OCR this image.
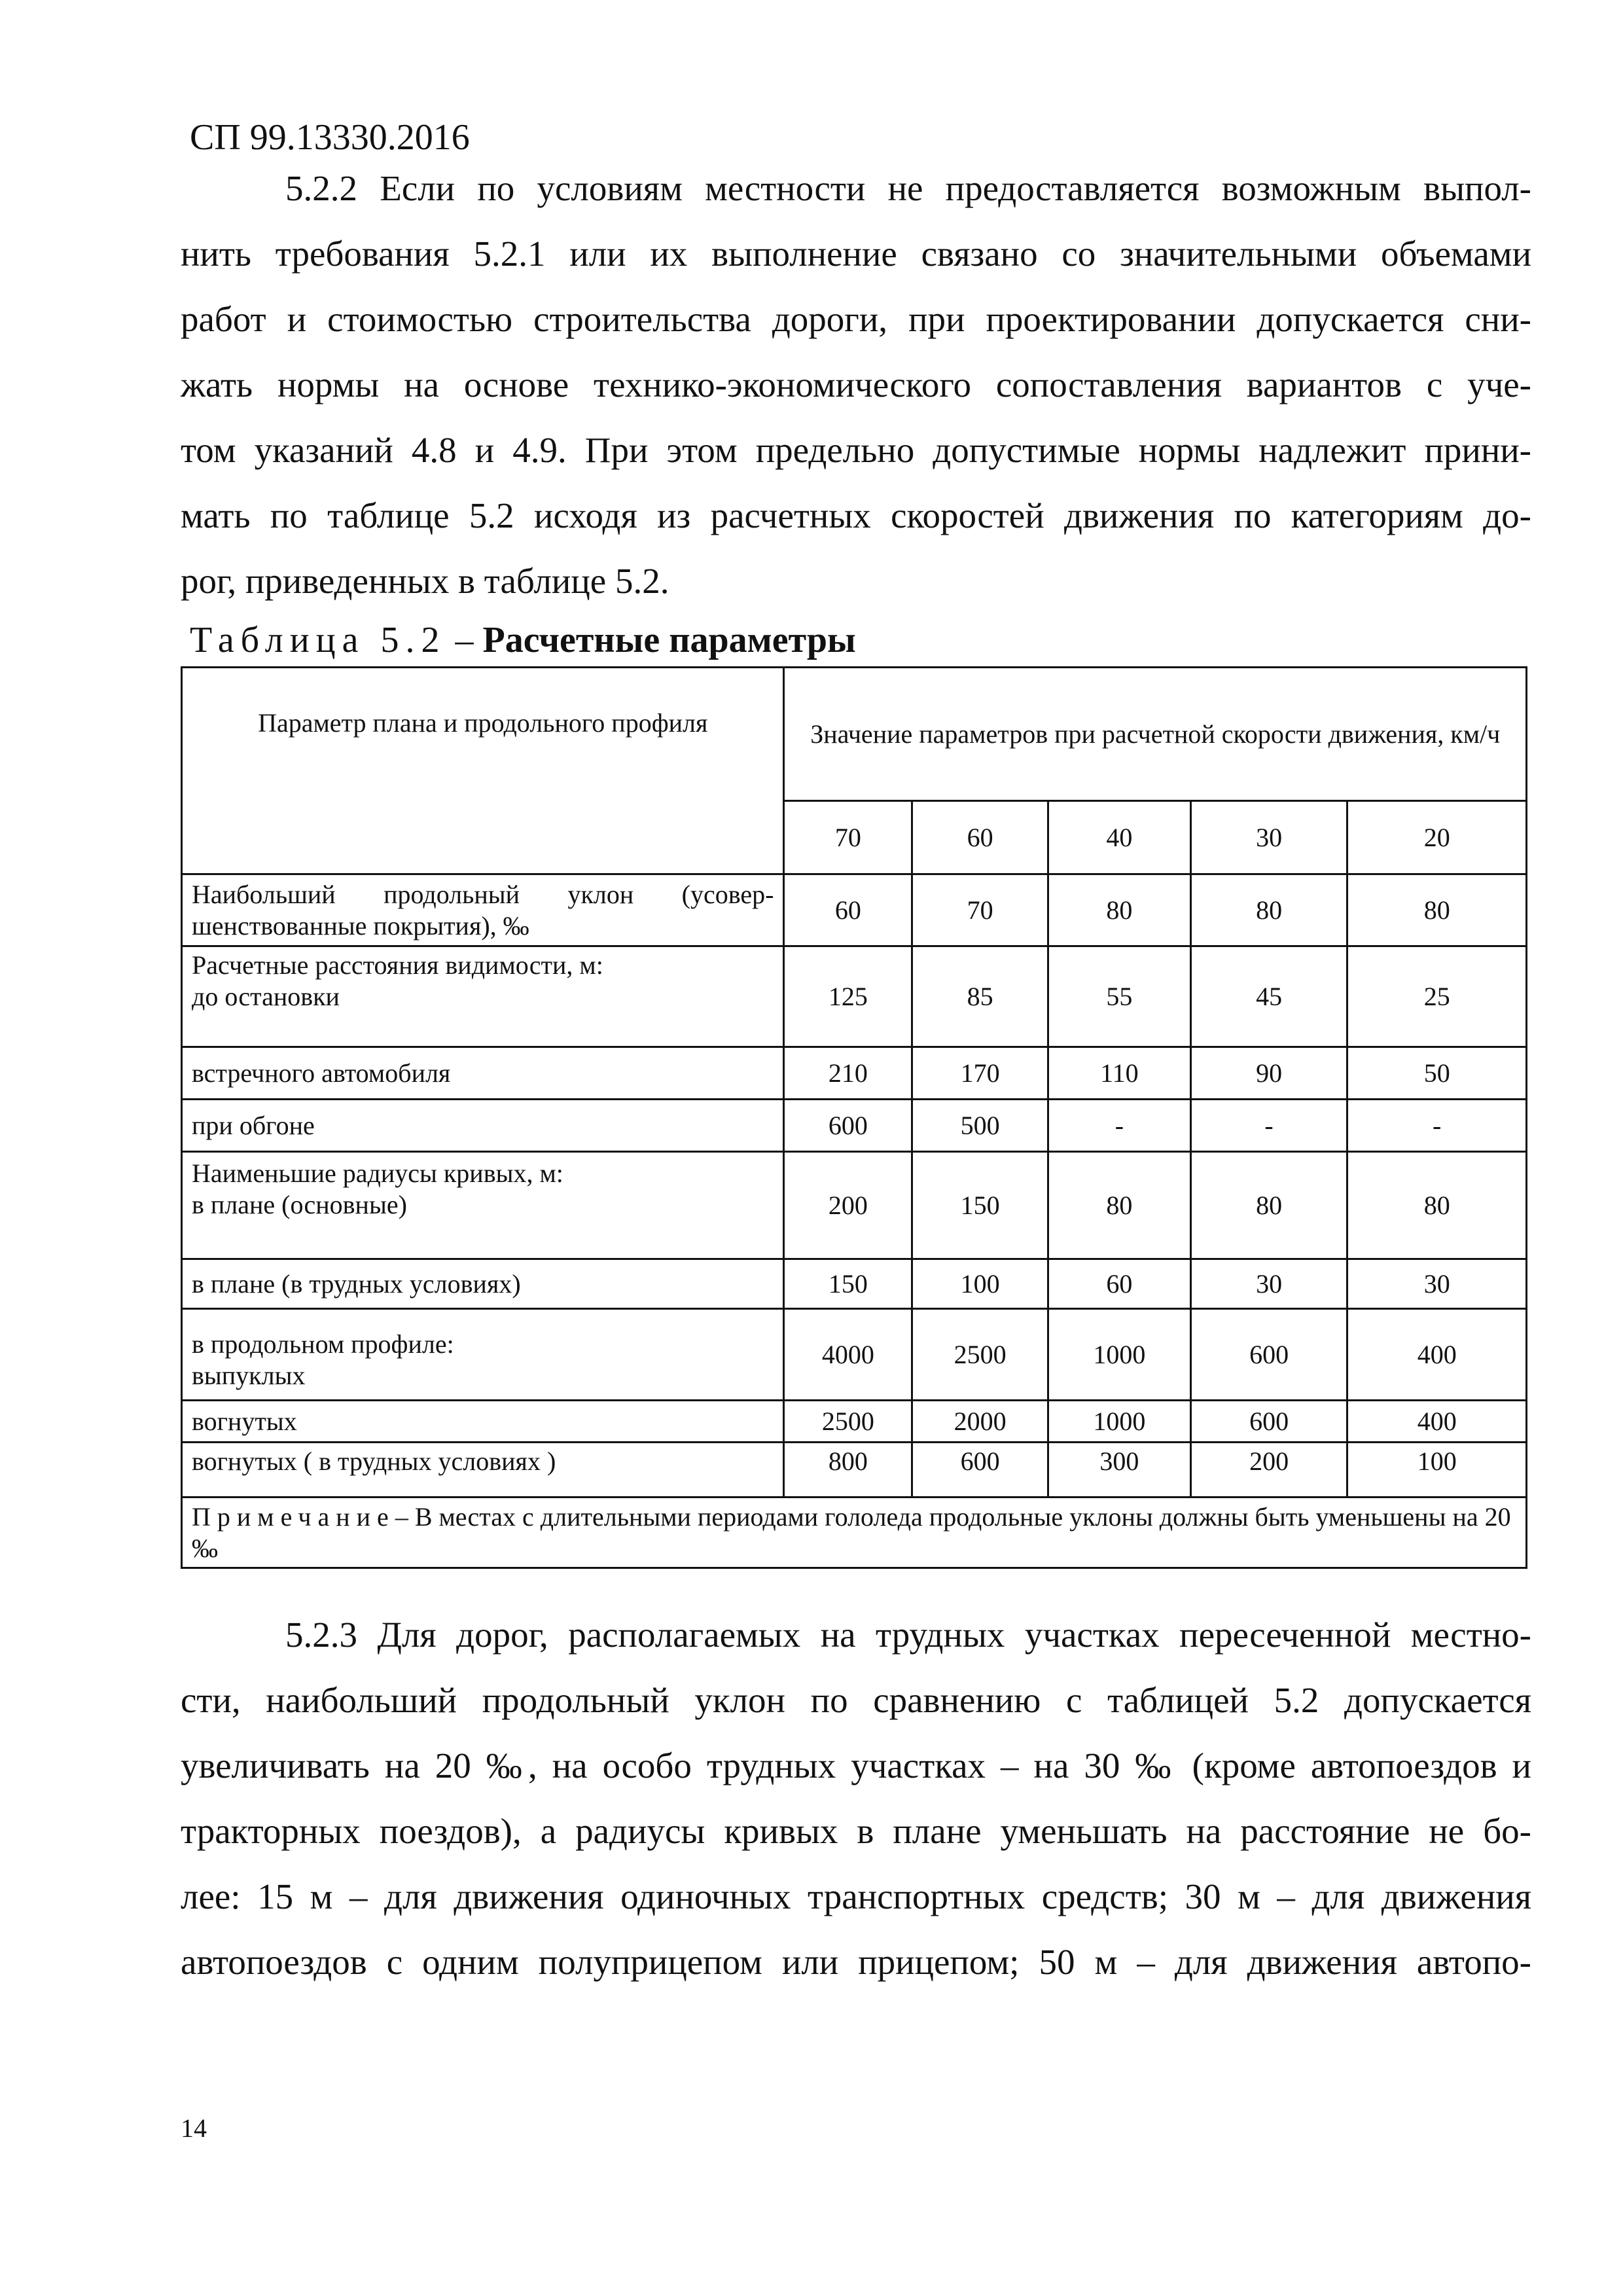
СП 99.13330.2016
5.2.2 Если по условиям местности не предоставляется возможным выпол-
нить требования 5.2.1 или их выполнение связано со значительными объемами
работ и стоимостью строительства дороги, при проектировании допускается сни-
жать нормы на основе технико-экономического сопоставления вариантов с уче-
том указаний 4.8 и 4.9. При этом предельно допустимые нормы надлежит прини-
мать по таблице 5.2 исходя из расчетных скоростей движения по категориям до-
рог, приведенных в таблице 5.2.
Таблица 5.2 – Расчетные параметры
Параметр плана и продольного профиля	Значение параметров при расчетной скорости движения, км/ч				
	70	60	40	30	20
Наибольший продольный уклон (усовер-шенствованные покрытия), ‰	60	70	80	80	80

Расчетные расстояния видимости, м:
до остановки	125	85	55	45	25
встречного автомобиля	210	170	110	90	50
при обгоне	600	500	-	-	-

Наименьшие радиусы кривых, м:
в плане (основные)	200	150	80	80	80
в плане (в трудных условиях)	150	100	60	30	30

в продольном профиле:
выпуклых	4000	2500	1000	600	400
вогнутых	2500	2000	1000	600	400
вогнутых ( в трудных условиях )	800	600	300	200	100
Примечание– В местах с длительными периодами гололеда продольные уклоны должны быть уменьшены на 20 ‰					
5.2.3 Для дорог, располагаемых на трудных участках пересеченной местно-
сти, наибольший продольный уклон по сравнению с таблицей 5.2 допускается
увеличивать на 20 ‰, на особо трудных участках – на 30 ‰ (кроме автопоездов и
тракторных поездов), а радиусы кривых в плане уменьшать на расстояние не бо-
лее: 15 м – для движения одиночных транспортных средств; 30 м – для движения
автопоездов с одним полуприцепом или прицепом; 50 м – для движения автопо-
14
